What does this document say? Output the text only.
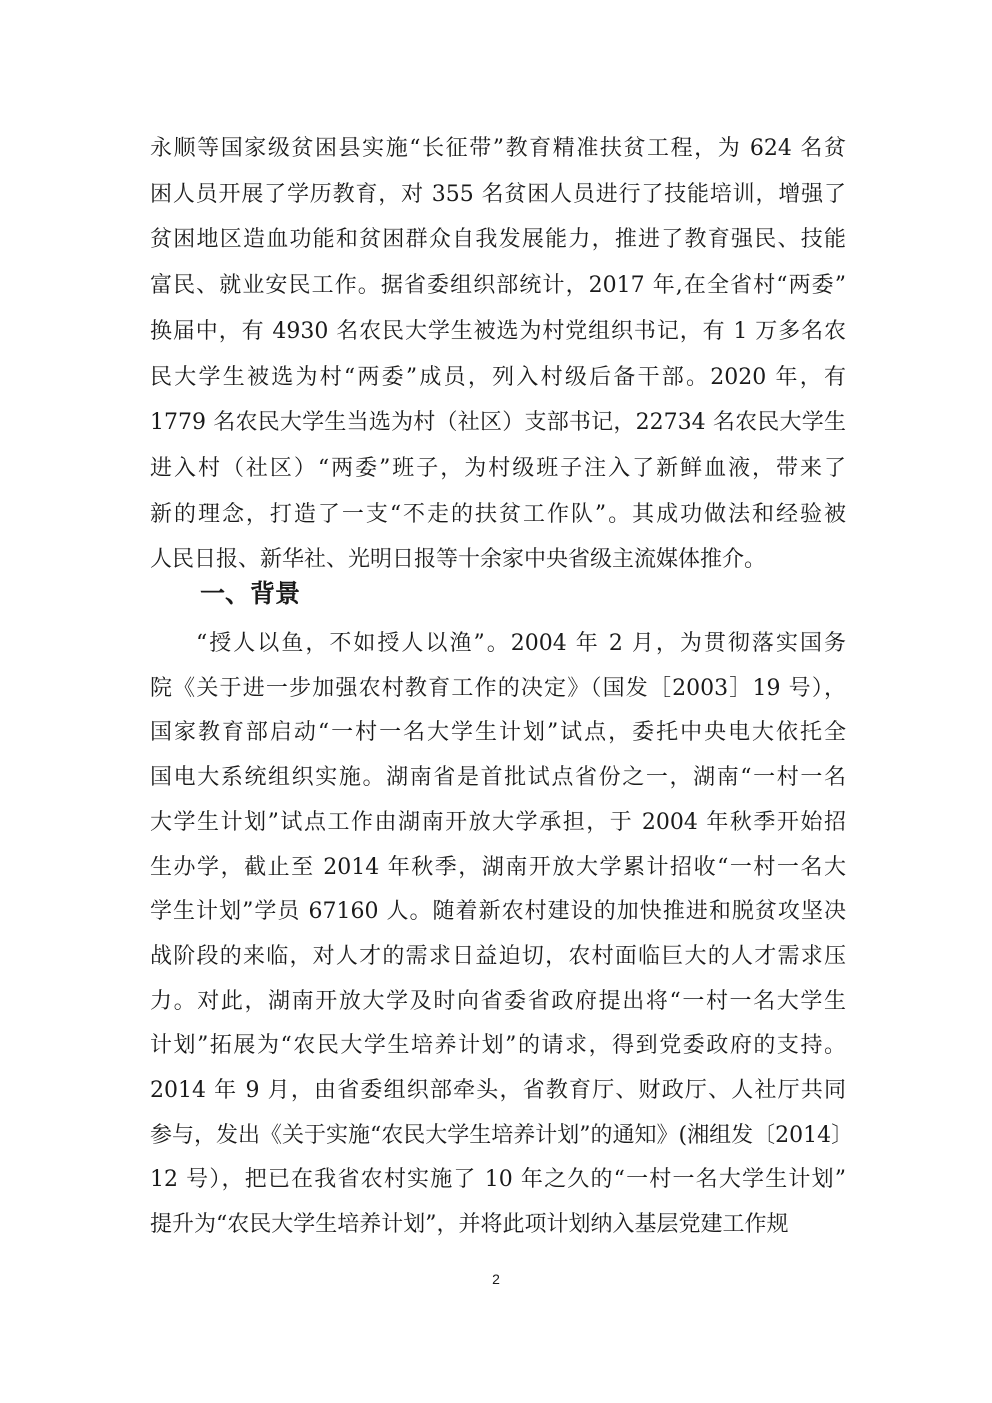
永顺等国家级贫困县实施“长征带”教育精准扶贫工程，为 624 名贫
困人员开展了学历教育，对 355 名贫困人员进行了技能培训，增强了
贫困地区造血功能和贫困群众自我发展能力，推进了教育强民、技能
富民、就业安民工作。据省委组织部统计，2017 年,在全省村“两委”
换届中，有 4930 名农民大学生被选为村党组织书记，有 1 万多名农
民大学生被选为村“两委”成员，列入村级后备干部。2020 年，有
1779 名农民大学生当选为村（社区）支部书记，22734 名农民大学生
进入村（社区）“两委”班子，为村级班子注入了新鲜血液，带来了
新的理念，打造了一支“不走的扶贫工作队”。其成功做法和经验被
人民日报、新华社、光明日报等十余家中央省级主流媒体推介。
一、背景
“授人以鱼，不如授人以渔”。2004 年 2 月，为贯彻落实国务
院《关于进一步加强农村教育工作的决定》（国发［2003］19 号），
国家教育部启动“一村一名大学生计划”试点，委托中央电大依托全
国电大系统组织实施。湖南省是首批试点省份之一，湖南“一村一名
大学生计划”试点工作由湖南开放大学承担，于 2004 年秋季开始招
生办学，截止至 2014 年秋季，湖南开放大学累计招收“一村一名大
学生计划”学员 67160 人。随着新农村建设的加快推进和脱贫攻坚决
战阶段的来临，对人才的需求日益迫切，农村面临巨大的人才需求压
力。对此，湖南开放大学及时向省委省政府提出将“一村一名大学生
计划”拓展为“农民大学生培养计划”的请求，得到党委政府的支持。
2014 年 9 月，由省委组织部牵头，省教育厅、财政厅、人社厅共同
参与，发出《关于实施“农民大学生培养计划”的通知》(湘组发〔2014〕
12 号），把已在我省农村实施了 10 年之久的“一村一名大学生计划”
提升为“农民大学生培养计划”，并将此项计划纳入基层党建工作规
2
